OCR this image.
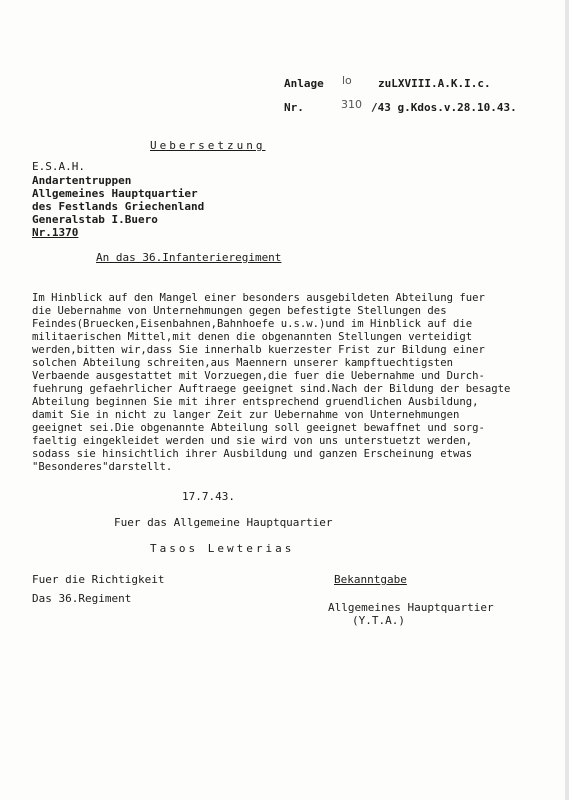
Anlage lo zuLXVIII.A.K.I.c.
Nr.	310 /43 g.Kdos.v.28.10.43.
Uebersetzung
E.S.A.H.
Andartentruppen
Allgemeines Hauptquartier
des Festlands Griechenland
Generalstab I.Buero
Nr.1370
An das 36.Infanterieregiment
Im Hinblick auf den Mangel einer besonders ausgebildeten Abteilung fuer
die Uebernahme von Unternehmungen gegen befestigte Stellungen des
Feindes(Bruecken,Eisenbahnen,Bahnhoefe u.s.w.)und im Hinblick auf die
militaerischen Mittel,mit denen die obgenannten Stellungen verteidigt
werden,bitten wir,dass Sie innerhalb kuerzester Frist zur Bildung einer
solchen Abteilung schreiten,aus Maennern unserer kampftuechtigsten
Verbaende ausgestattet mit Vorzuegen,die fuer die Uebernahme und Durch-
fuehrung gefaehrlicher Auftraege geeignet sind.Nach der Bildung der besagte
Abteilung beginnen Sie mit ihrer entsprechend gruendlichen Ausbildung,
damit Sie in nicht zu langer Zeit zur Uebernahme von Unternehmungen
geeignet sei.Die obgenannte Abteilung soll geeignet bewaffnet und sorg-
faeltig eingekleidet werden und sie wird von uns unterstuetzt werden,
sodass sie hinsichtlich ihrer Ausbildung und ganzen Erscheinung etwas
"Besonderes"darstellt.
17.7.43.
Fuer das Allgemeine Hauptquartier
Tasos Lewterias
Fuer die Richtigkeit
Das 36.Regiment
Bekanntgabe
Allgemeines Hauptquartier
(Y.T.A.)
